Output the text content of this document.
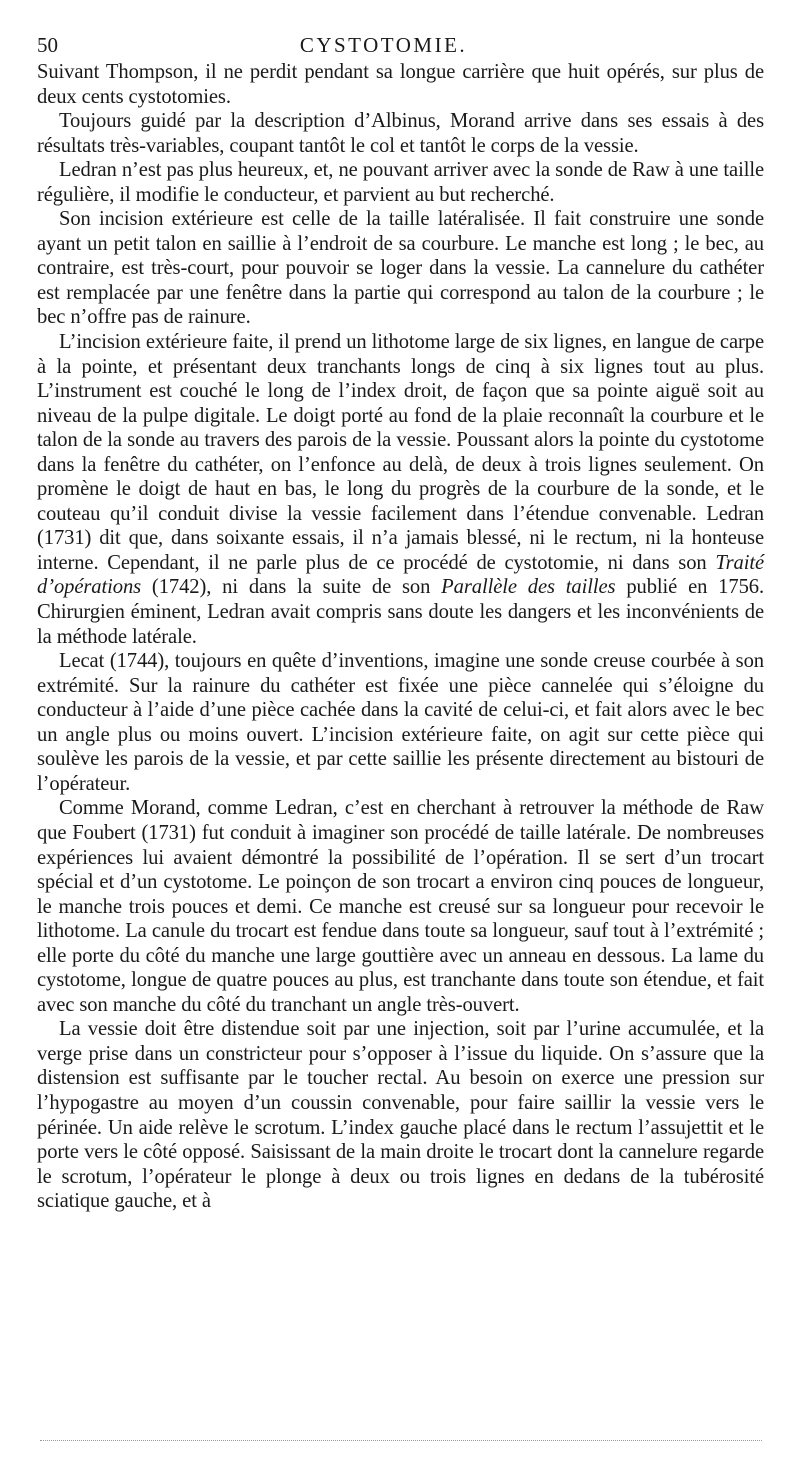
50	CYSTOTOMIE.

Suivant Thompson, il ne perdit pendant sa longue carrière que huit opérés, sur plus de deux cents cystotomies.

Toujours guidé par la description d’Albinus, Morand arrive dans ses essais à des résultats très-variables, coupant tantôt le col et tantôt le corps de la vessie.

Ledran n’est pas plus heureux, et, ne pouvant arriver avec la sonde de Raw à une taille régulière, il modifie le conducteur, et parvient au but recherché.

Son incision extérieure est celle de la taille latéralisée. Il fait construire une sonde ayant un petit talon en saillie à l’endroit de sa courbure. Le manche est long ; le bec, au contraire, est très-court, pour pouvoir se loger dans la vessie. La cannelure du cathéter est remplacée par une fenêtre dans la partie qui correspond au talon de la courbure ; le bec n’offre pas de rainure.

L’incision extérieure faite, il prend un lithotome large de six lignes, en langue de carpe à la pointe, et présentant deux tranchants longs de cinq à six lignes tout au plus. L’instrument est couché le long de l’index droit, de façon que sa pointe aiguë soit au niveau de la pulpe digitale. Le doigt porté au fond de la plaie reconnaît la courbure et le talon de la sonde au travers des parois de la vessie. Poussant alors la pointe du cystotome dans la fenêtre du cathéter, on l’enfonce au delà, de deux à trois lignes seulement. On promène le doigt de haut en bas, le long du progrès de la courbure de la sonde, et le couteau qu’il conduit divise la vessie facilement dans l’étendue convenable. Ledran (1731) dit que, dans soixante essais, il n’a jamais blessé, ni le rectum, ni la honteuse interne. Cependant, il ne parle plus de ce procédé de cystotomie, ni dans son Traité d’opérations (1742), ni dans la suite de son Parallèle des tailles publié en 1756. Chirurgien éminent, Ledran avait compris sans doute les dangers et les inconvénients de la méthode latérale.

Lecat (1744), toujours en quête d’inventions, imagine une sonde creuse courbée à son extrémité. Sur la rainure du cathéter est fixée une pièce cannelée qui s’éloigne du conducteur à l’aide d’une pièce cachée dans la cavité de celui-ci, et fait alors avec le bec un angle plus ou moins ouvert. L’incision extérieure faite, on agit sur cette pièce qui soulève les parois de la vessie, et par cette saillie les présente directement au bistouri de l’opérateur.

Comme Morand, comme Ledran, c’est en cherchant à retrouver la méthode de Raw que Foubert (1731) fut conduit à imaginer son procédé de taille latérale. De nombreuses expériences lui avaient démontré la possibilité de l’opération. Il se sert d’un trocart spécial et d’un cystotome. Le poinçon de son trocart a environ cinq pouces de longueur, le manche trois pouces et demi. Ce manche est creusé sur sa longueur pour recevoir le lithotome. La canule du trocart est fendue dans toute sa longueur, sauf tout à l’extrémité ; elle porte du côté du manche une large gouttière avec un anneau en dessous. La lame du cystotome, longue de quatre pouces au plus, est tranchante dans toute son étendue, et fait avec son manche du côté du tranchant un angle très-ouvert.

La vessie doit être distendue soit par une injection, soit par l’urine accumulée, et la verge prise dans un constricteur pour s’opposer à l’issue du liquide. On s’assure que la distension est suffisante par le toucher rectal. Au besoin on exerce une pression sur l’hypogastre au moyen d’un coussin convenable, pour faire saillir la vessie vers le périnée. Un aide relève le scrotum. L’index gauche placé dans le rectum l’assujettit et le porte vers le côté opposé. Saisissant de la main droite le trocart dont la cannelure regarde le scrotum, l’opérateur le plonge à deux ou trois lignes en dedans de la tubérosité sciatique gauche, et à
